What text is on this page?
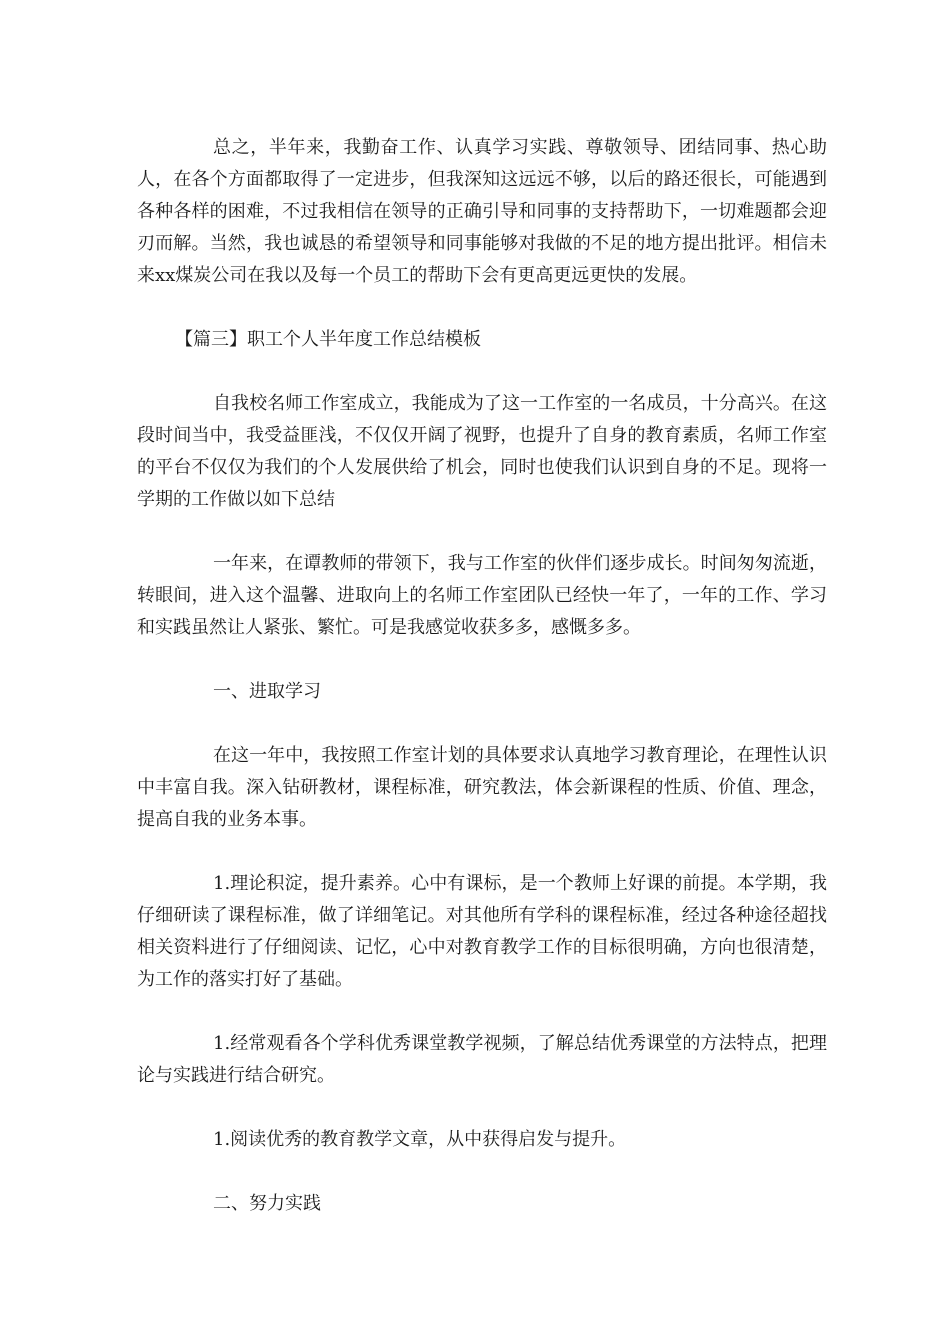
总之，半年来，我勤奋工作、认真学习实践、尊敬领导、团结同事、热心助人，在各个方面都取得了一定进步，但我深知这远远不够，以后的路还很长，可能遇到各种各样的困难，不过我相信在领导的正确引导和同事的支持帮助下，一切难题都会迎刃而解。当然，我也诚恳的希望领导和同事能够对我做的不足的地方提出批评。相信未来xx煤炭公司在我以及每一个员工的帮助下会有更高更远更快的发展。

【篇三】职工个人半年度工作总结模板

自我校名师工作室成立，我能成为了这一工作室的一名成员，十分高兴。在这段时间当中，我受益匪浅，不仅仅开阔了视野，也提升了自身的教育素质，名师工作室的平台不仅仅为我们的个人发展供给了机会，同时也使我们认识到自身的不足。现将一学期的工作做以如下总结

一年来，在谭教师的带领下，我与工作室的伙伴们逐步成长。时间匆匆流逝，转眼间，进入这个温馨、进取向上的名师工作室团队已经快一年了，一年的工作、学习和实践虽然让人紧张、繁忙。可是我感觉收获多多，感慨多多。

一、进取学习

在这一年中，我按照工作室计划的具体要求认真地学习教育理论，在理性认识中丰富自我。深入钻研教材，课程标准，研究教法，体会新课程的性质、价值、理念，提高自我的业务本事。

1.理论积淀，提升素养。心中有课标，是一个教师上好课的前提。本学期，我仔细研读了课程标准，做了详细笔记。对其他所有学科的课程标准，经过各种途径超找相关资料进行了仔细阅读、记忆，心中对教育教学工作的目标很明确，方向也很清楚，为工作的落实打好了基础。

1.经常观看各个学科优秀课堂教学视频，了解总结优秀课堂的方法特点，把理论与实践进行结合研究。

1.阅读优秀的教育教学文章，从中获得启发与提升。

二、努力实践
